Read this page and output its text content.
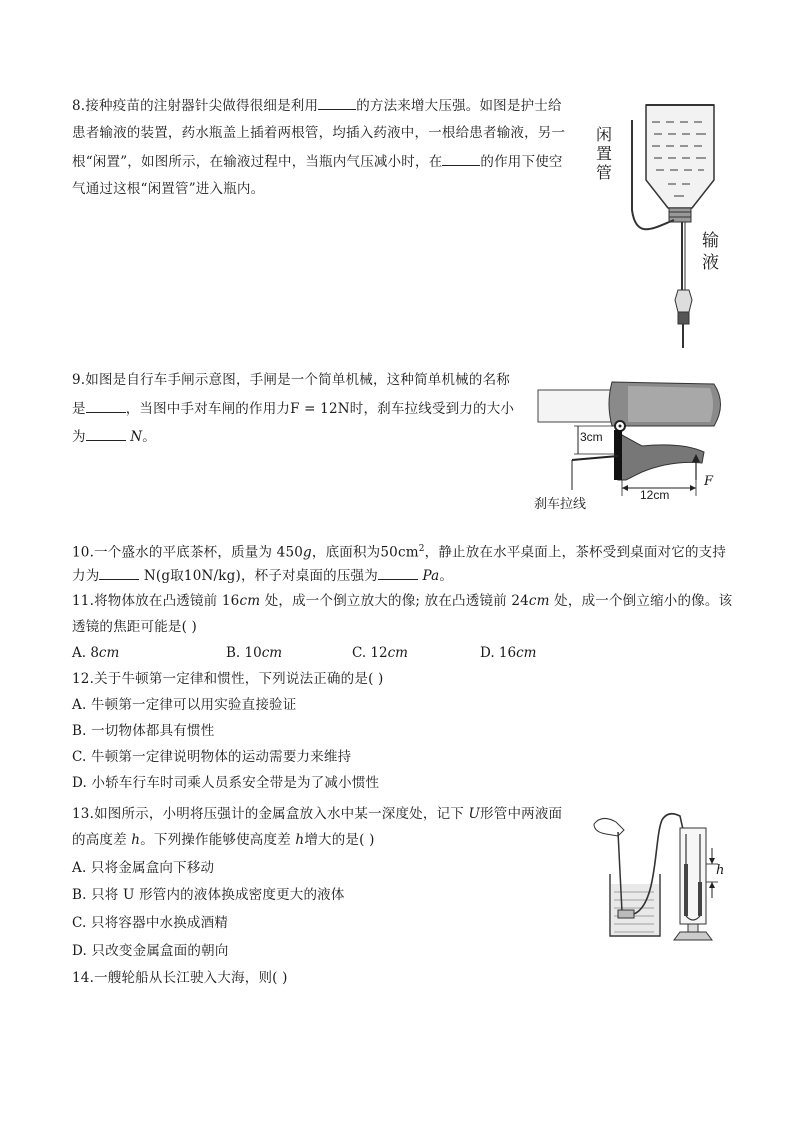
8.接种疫苗的注射器针尖做得很细是利用	的方法来增大压强。如图是护士给
患者输液的装置，药水瓶盖上插着两根管，均插入药液中，一根给患者输液，另一
根“闲置”，如图所示，在输液过程中，当瓶内气压减小时，在	的作用下使空
气通过这根“闲置管”进入瓶内。
闲置管
输液
9.如图是自行车手闸示意图，手闸是一个简单机械，这种简单机械的名称
是	，当图中手对车闸的作用力F = 12N时，刹车拉线受到力的大小
为	N。	3cm
12cm
F
刹车拉线
10.一个盛水的平底茶杯，质量为 450g，底面积为$50cm^2$，静止放在水平桌面上，茶杯受到桌面对它的支持
力为	N(g取10N/kg)，杯子对桌面的压强为	Pa。
11.将物体放在凸透镜前 16cm 处，成一个倒立放大的像; 放在凸透镜前 24cm 处，成一个倒立缩小的像。该
透镜的焦距可能是( )
A. 8cm	B. 10cm	C. 12cm	D. 16cm
12.关于牛顿第一定律和惯性，下列说法正确的是( )
A. 牛顿第一定律可以用实验直接验证
B. 一切物体都具有惯性
C. 牛顿第一定律说明物体的运动需要力来维持
D. 小轿车行车时司乘人员系安全带是为了减小惯性
13.如图所示，小明将压强计的金属盒放入水中某一深度处，记下 U形管中两液面
的高度差 h。下列操作能够使高度差 h增大的是( )
A. 只将金属盒向下移动
B. 只将 U 形管内的液体换成密度更大的液体
C. 只将容器中水换成酒精
D. 只改变金属盒面的朝向
h
14.一艘轮船从长江驶入大海，则( )
